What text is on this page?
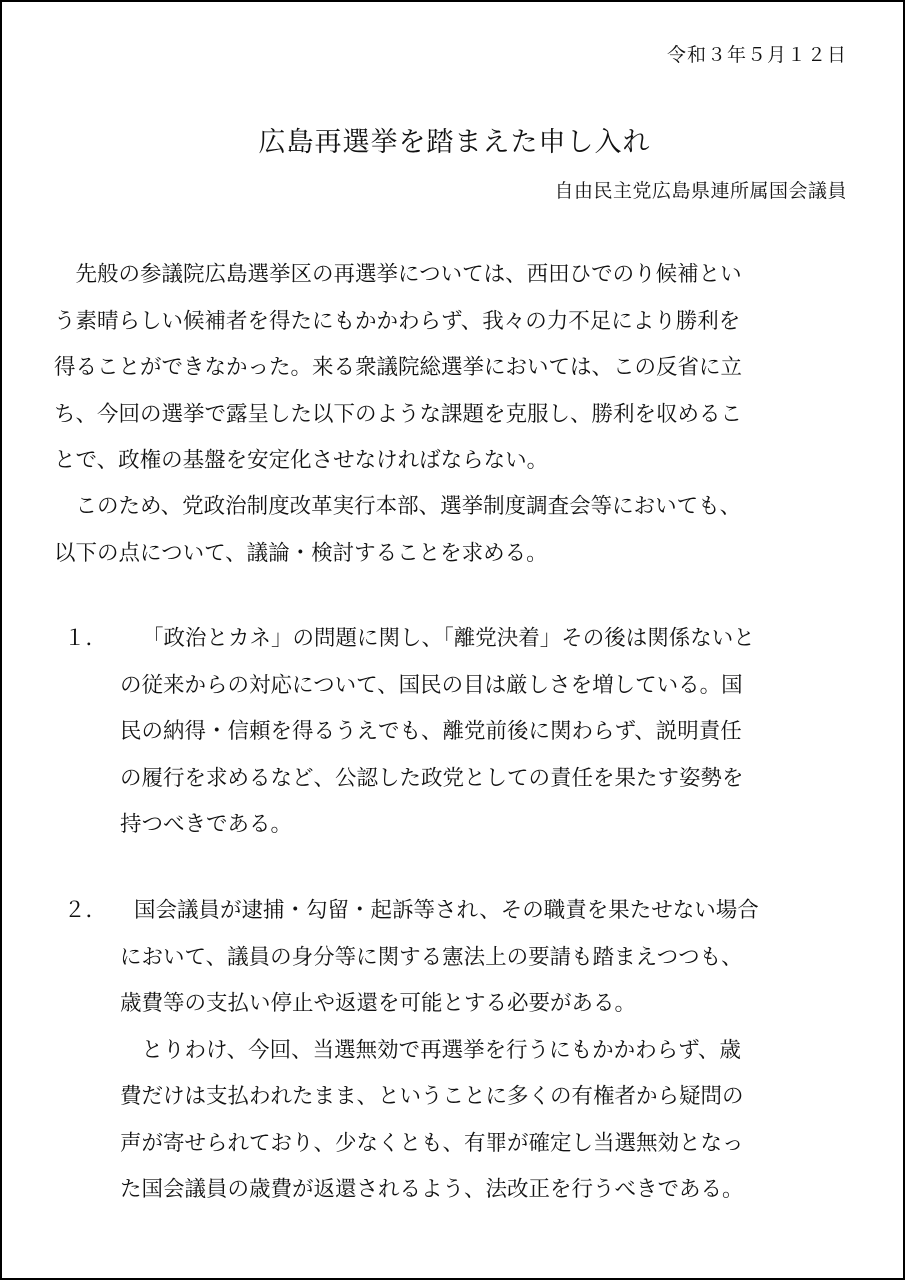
令和３年５月１２日
広島再選挙を踏まえた申し入れ
自由民主党広島県連所属国会議員
　先般の参議院広島選挙区の再選挙については、西田ひでのり候補とい
う素晴らしい候補者を得たにもかかわらず、我々の力不足により勝利を
得ることができなかった。来る衆議院総選挙においては、この反省に立
ち、今回の選挙で露呈した以下のような課題を克服し、勝利を収めるこ
とで、政権の基盤を安定化させなければならない。
　このため、党政治制度改革実行本部、選挙制度調査会等においても、
以下の点について、議論・検討することを求める。
１．	「政治とカネ」の問題に関し、「離党決着」その後は関係ないと
の従来からの対応について、国民の目は厳しさを増している。国
民の納得・信頼を得るうえでも、離党前後に関わらず、説明責任
の履行を求めるなど、公認した政党としての責任を果たす姿勢を
持つべきである。
２．	国会議員が逮捕・勾留・起訴等され、その職責を果たせない場合
において、議員の身分等に関する憲法上の要請も踏まえつつも、
歳費等の支払い停止や返還を可能とする必要がある。
　とりわけ、今回、当選無効で再選挙を行うにもかかわらず、歳
費だけは支払われたまま、ということに多くの有権者から疑問の
声が寄せられており、少なくとも、有罪が確定し当選無効となっ
た国会議員の歳費が返還されるよう、法改正を行うべきである。
